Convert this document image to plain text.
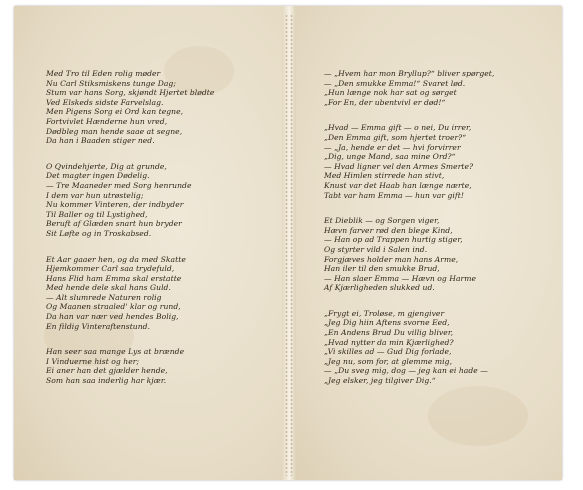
Med Tro til Eden rolig møder
Nu Carl Stiksmiskens tunge Dag;
Stum var hans Sorg, skjøndt Hjertet blødte
Ved Elskeds sidste Farvelslag.
Men Pigens Sorg ei Ord kan tegne,
Fortvivlet Hænderne hun vred,
Dødbleg man hende saae at segne,
Da han i Baaden stiger ned.
O Qvindehjerte, Dig at grunde,
Det magter ingen Dødelig.
— Tre Maaneder med Sorg henrunde
I dem var hun utrøstelig;
Nu kommer Vinteren, der indbyder
Til Baller og til Lystighed,
Beruft af Glæden snart hun bryder
Sit Løfte og in Troskabsed.
Et Aar gaaer hen, og da med Skatte
Hjemkommer Carl saa trydefuld,
Hans Flid ham Emma skal erstatte
Med hende dele skal hans Guld.
— Alt slumrede Naturen rolig
Og Maanen straaled' klar og rund,
Da han var nær ved hendes Bolig,
En fildig Vinteraftenstund.
Han seer saa mange Lys at brænde
I Vinduerne hist og her;
Ei aner han det gjælder hende,
Som han saa inderlig har kjær.
— „Hvem har mon Bryllup?“ bliver spørget,
— „Den smukke Emma!“ Svaret lød.
„Hun længe nok har sat og sørget
„For En, der ubentvivl er død!“
„Hvad — Emma gift — o nei, Du irrer,
„Den Emma gift, som hjertet troer?“
— „Ja, hende er det — hvi forvirrer
„Dig, unge Mand, saa mine Ord?“
— Hvad ligner vel den Armes Smerte?
Med Himlen stirrede han stivt,
Knust var det Haab han længe nærte,
Tabt var ham Emma — hun var gift!
Et Dieblik — og Sorgen viger,
Hævn farver rød den blege Kind,
— Han op ad Trappen hurtig stiger,
Og styrter vild i Salen ind.
Forgjæves holder man hans Arme,
Han iler til den smukke Brud,
— Han slaer Emma — Hævn og Harme
Af Kjærligheden slukked ud.
„Frygt ei, Troløse, m gjengiver
„Jeg Dig hiin Aftens svorne Eed,
„En Andens Brud Du villig bliver,
„Hvad nytter da min Kjærlighed?
„Vi skilles ad — Gud Dig forlade,
„Jeg nu, som for, at glemme mig,
— „Du sveg mig, dog — jeg kan ei hade —
„Jeg elsker, jeg tilgiver Dig.“
